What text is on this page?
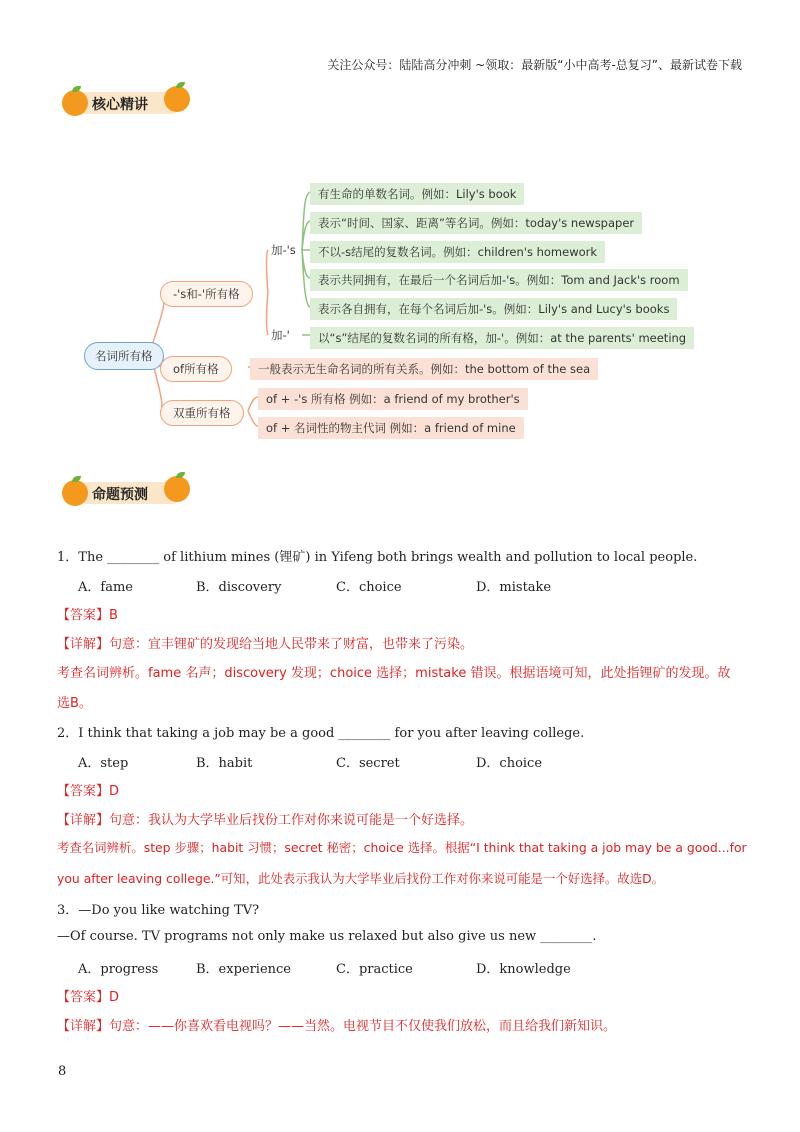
关注公众号：陆陆高分冲刺 ~领取：最新版“小中高考-总复习”、最新试卷下载
核心精讲
名词所有格
-'s和-'所有格
加-'s
加-'
有生命的单数名词。例如：Lily's book
表示“时间、国家、距离”等名词。例如：today's newspaper
不以-s结尾的复数名词。例如：children's homework
表示共同拥有，在最后一个名词后加-'s。例如：Tom and Jack's room
表示各自拥有，在每个名词后加-'s。例如：Lily's and Lucy's books
以“s”结尾的复数名词的所有格，加-'。例如：at the parents' meeting
of所有格	一般表示无生命名词的所有关系。例如：the bottom of the sea
双重所有格
of + -'s 所有格 例如：a friend of my brother's
of + 名词性的物主代词 例如：a friend of mine
命题预测
1．The ________ of lithium mines (锂矿) in Yifeng both brings wealth and pollution to local people.
A．fame	B．discovery	C．choice	D．mistake
【答案】B
【详解】句意：宜丰锂矿的发现给当地人民带来了财富，也带来了污染。
考查名词辨析。fame 名声；discovery 发现；choice 选择；mistake 错误。根据语境可知，此处指锂矿的发现。故
选B。
2．I think that taking a job may be a good ________ for you after leaving college.
A．step	B．habit	C．secret	D．choice
【答案】D
【详解】句意：我认为大学毕业后找份工作对你来说可能是一个好选择。
考查名词辨析。step 步骤；habit 习惯；secret 秘密；choice 选择。根据“I think that taking a job may be a good...for
you after leaving college.”可知，此处表示我认为大学毕业后找份工作对你来说可能是一个好选择。故选D。
3．—Do you like watching TV?
—Of course. TV programs not only make us relaxed but also give us new ________.
A．progress	B．experience	C．practice	D．knowledge
【答案】D
【详解】句意：——你喜欢看电视吗？——当然。电视节目不仅使我们放松，而且给我们新知识。
8
